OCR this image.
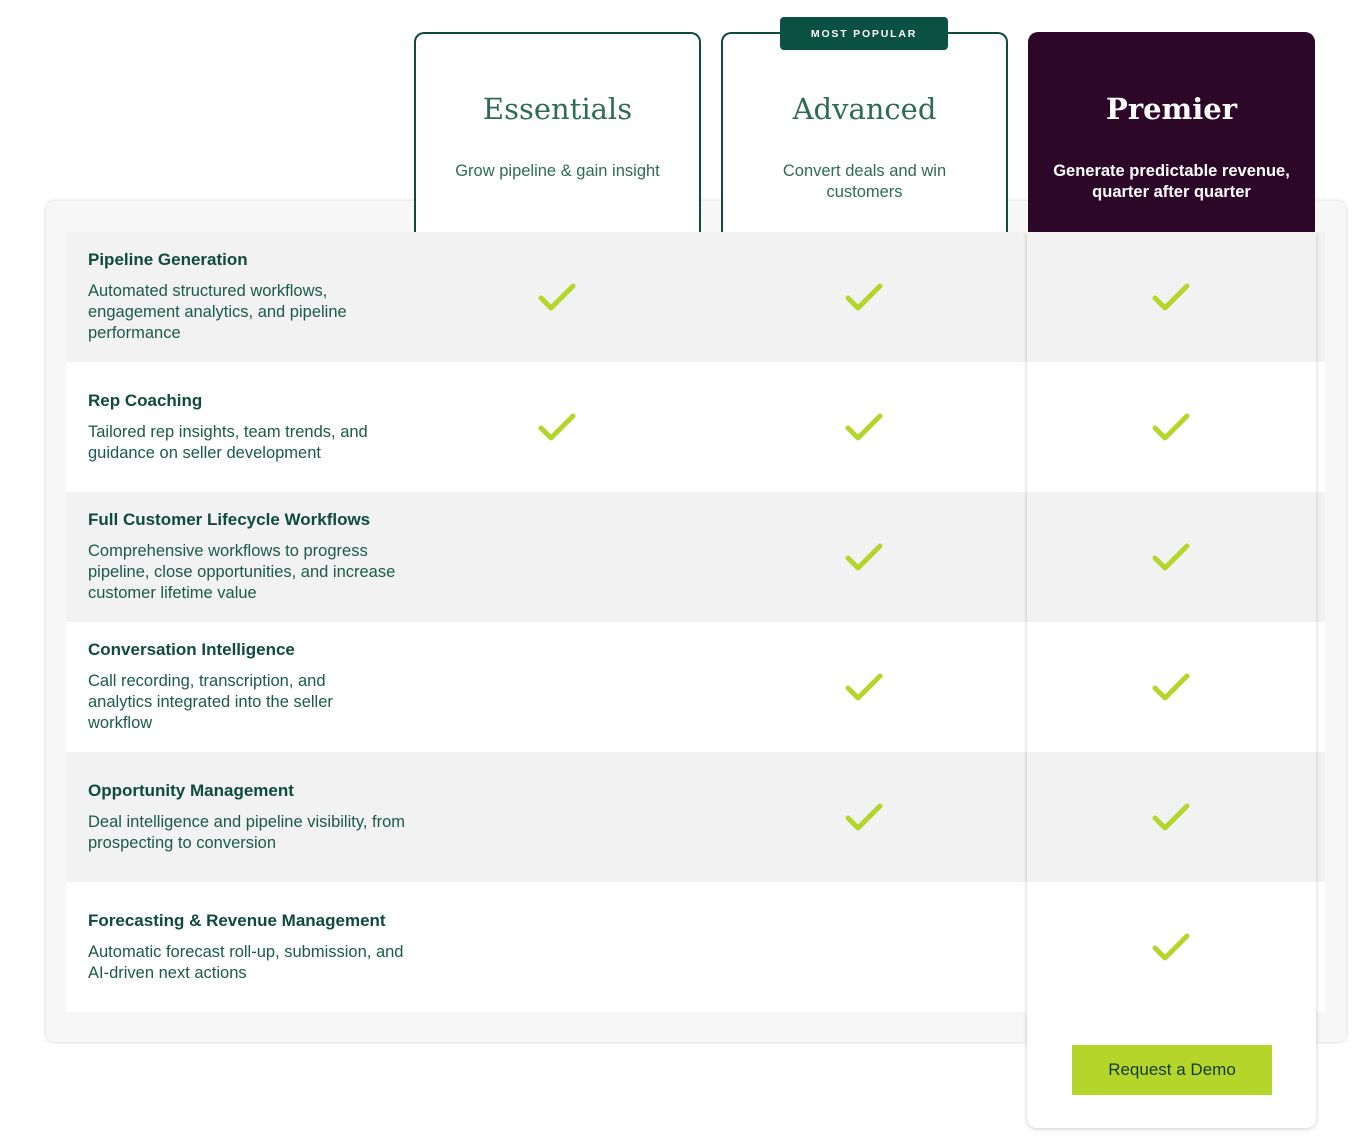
Essentials
Grow pipeline & gain insight
Advanced
Convert deals and win customers
MOST POPULAR
Premier
Generate predictable revenue, quarter after quarter
Pipeline Generation
Automated structured workflows, engagement analytics, and pipeline performance
Rep Coaching
Tailored rep insights, team trends, and guidance on seller development
Full Customer Lifecycle Workflows
Comprehensive workflows to progress pipeline, close opportunities, and increase customer lifetime value
Conversation Intelligence
Call recording, transcription, and analytics integrated into the seller workflow
Opportunity Management
Deal intelligence and pipeline visibility, from prospecting to conversion
Forecasting & Revenue Management
Automatic forecast roll-up, submission, and AI-driven next actions
Request a Demo
